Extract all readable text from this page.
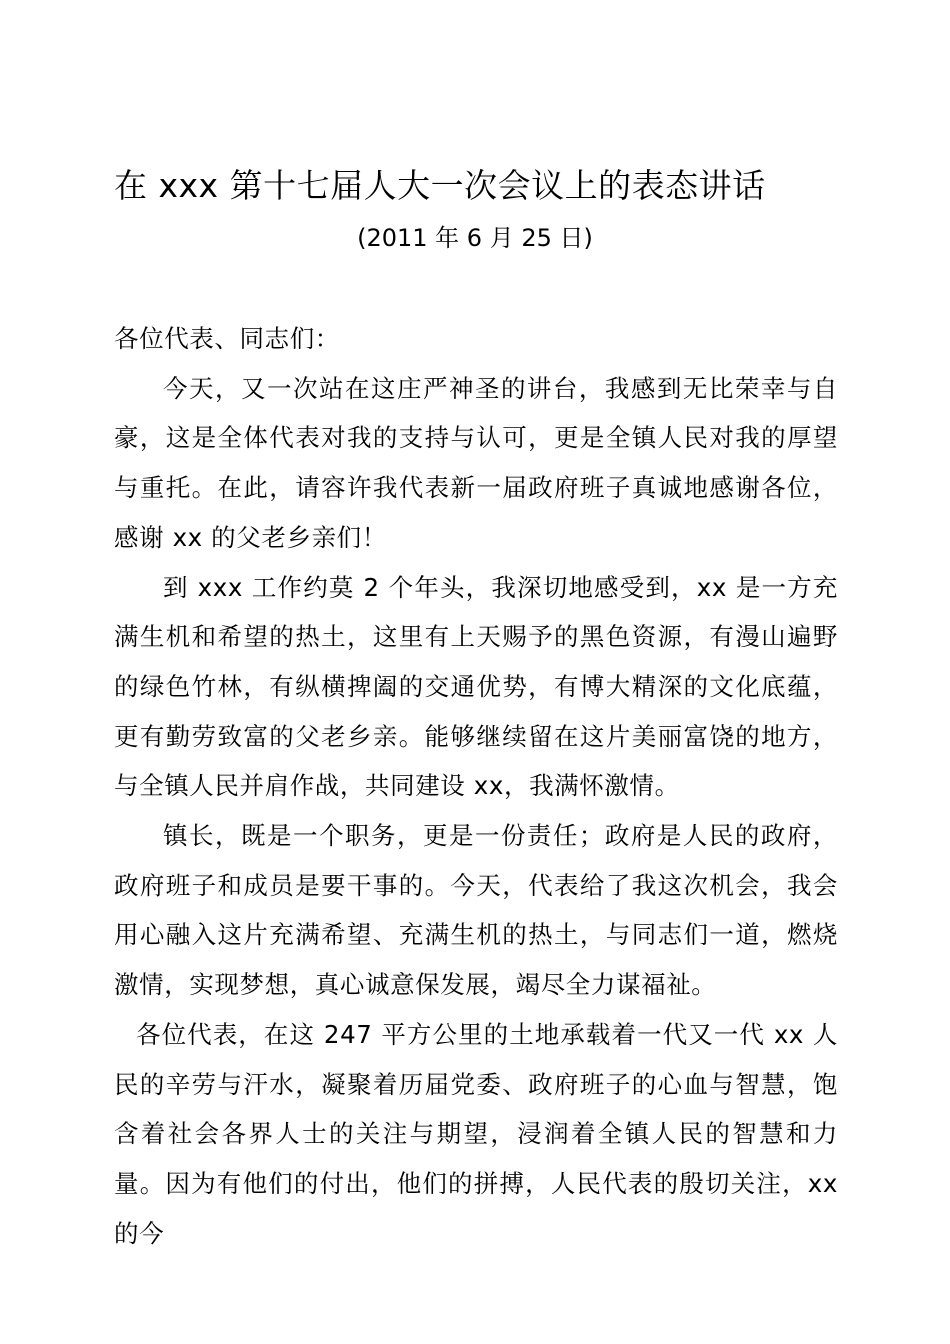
在 xxx 第十七届人大一次会议上的表态讲话
(2011 年 6 月 25 日)

各位代表、同志们：

今天，又一次站在这庄严神圣的讲台，我感到无比荣幸与自豪，这是全体代表对我的支持与认可，更是全镇人民对我的厚望与重托。在此，请容许我代表新一届政府班子真诚地感谢各位，感谢 xx 的父老乡亲们！

到 xxx 工作约莫 2 个年头，我深切地感受到，xx 是一方充满生机和希望的热土，这里有上天赐予的黑色资源，有漫山遍野的绿色竹林，有纵横捭阖的交通优势，有博大精深的文化底蕴，更有勤劳致富的父老乡亲。能够继续留在这片美丽富饶的地方，与全镇人民并肩作战，共同建设 xx，我满怀激情。

镇长，既是一个职务，更是一份责任；政府是人民的政府，政府班子和成员是要干事的。今天，代表给了我这次机会，我会用心融入这片充满希望、充满生机的热土，与同志们一道，燃烧激情，实现梦想，真心诚意保发展，竭尽全力谋福祉。

各位代表，在这 247 平方公里的土地承载着一代又一代 xx 人民的辛劳与汗水，凝聚着历届党委、政府班子的心血与智慧，饱含着社会各界人士的关注与期望，浸润着全镇人民的智慧和力量。因为有他们的付出，他们的拼搏，人民代表的殷切关注，xx 的今
